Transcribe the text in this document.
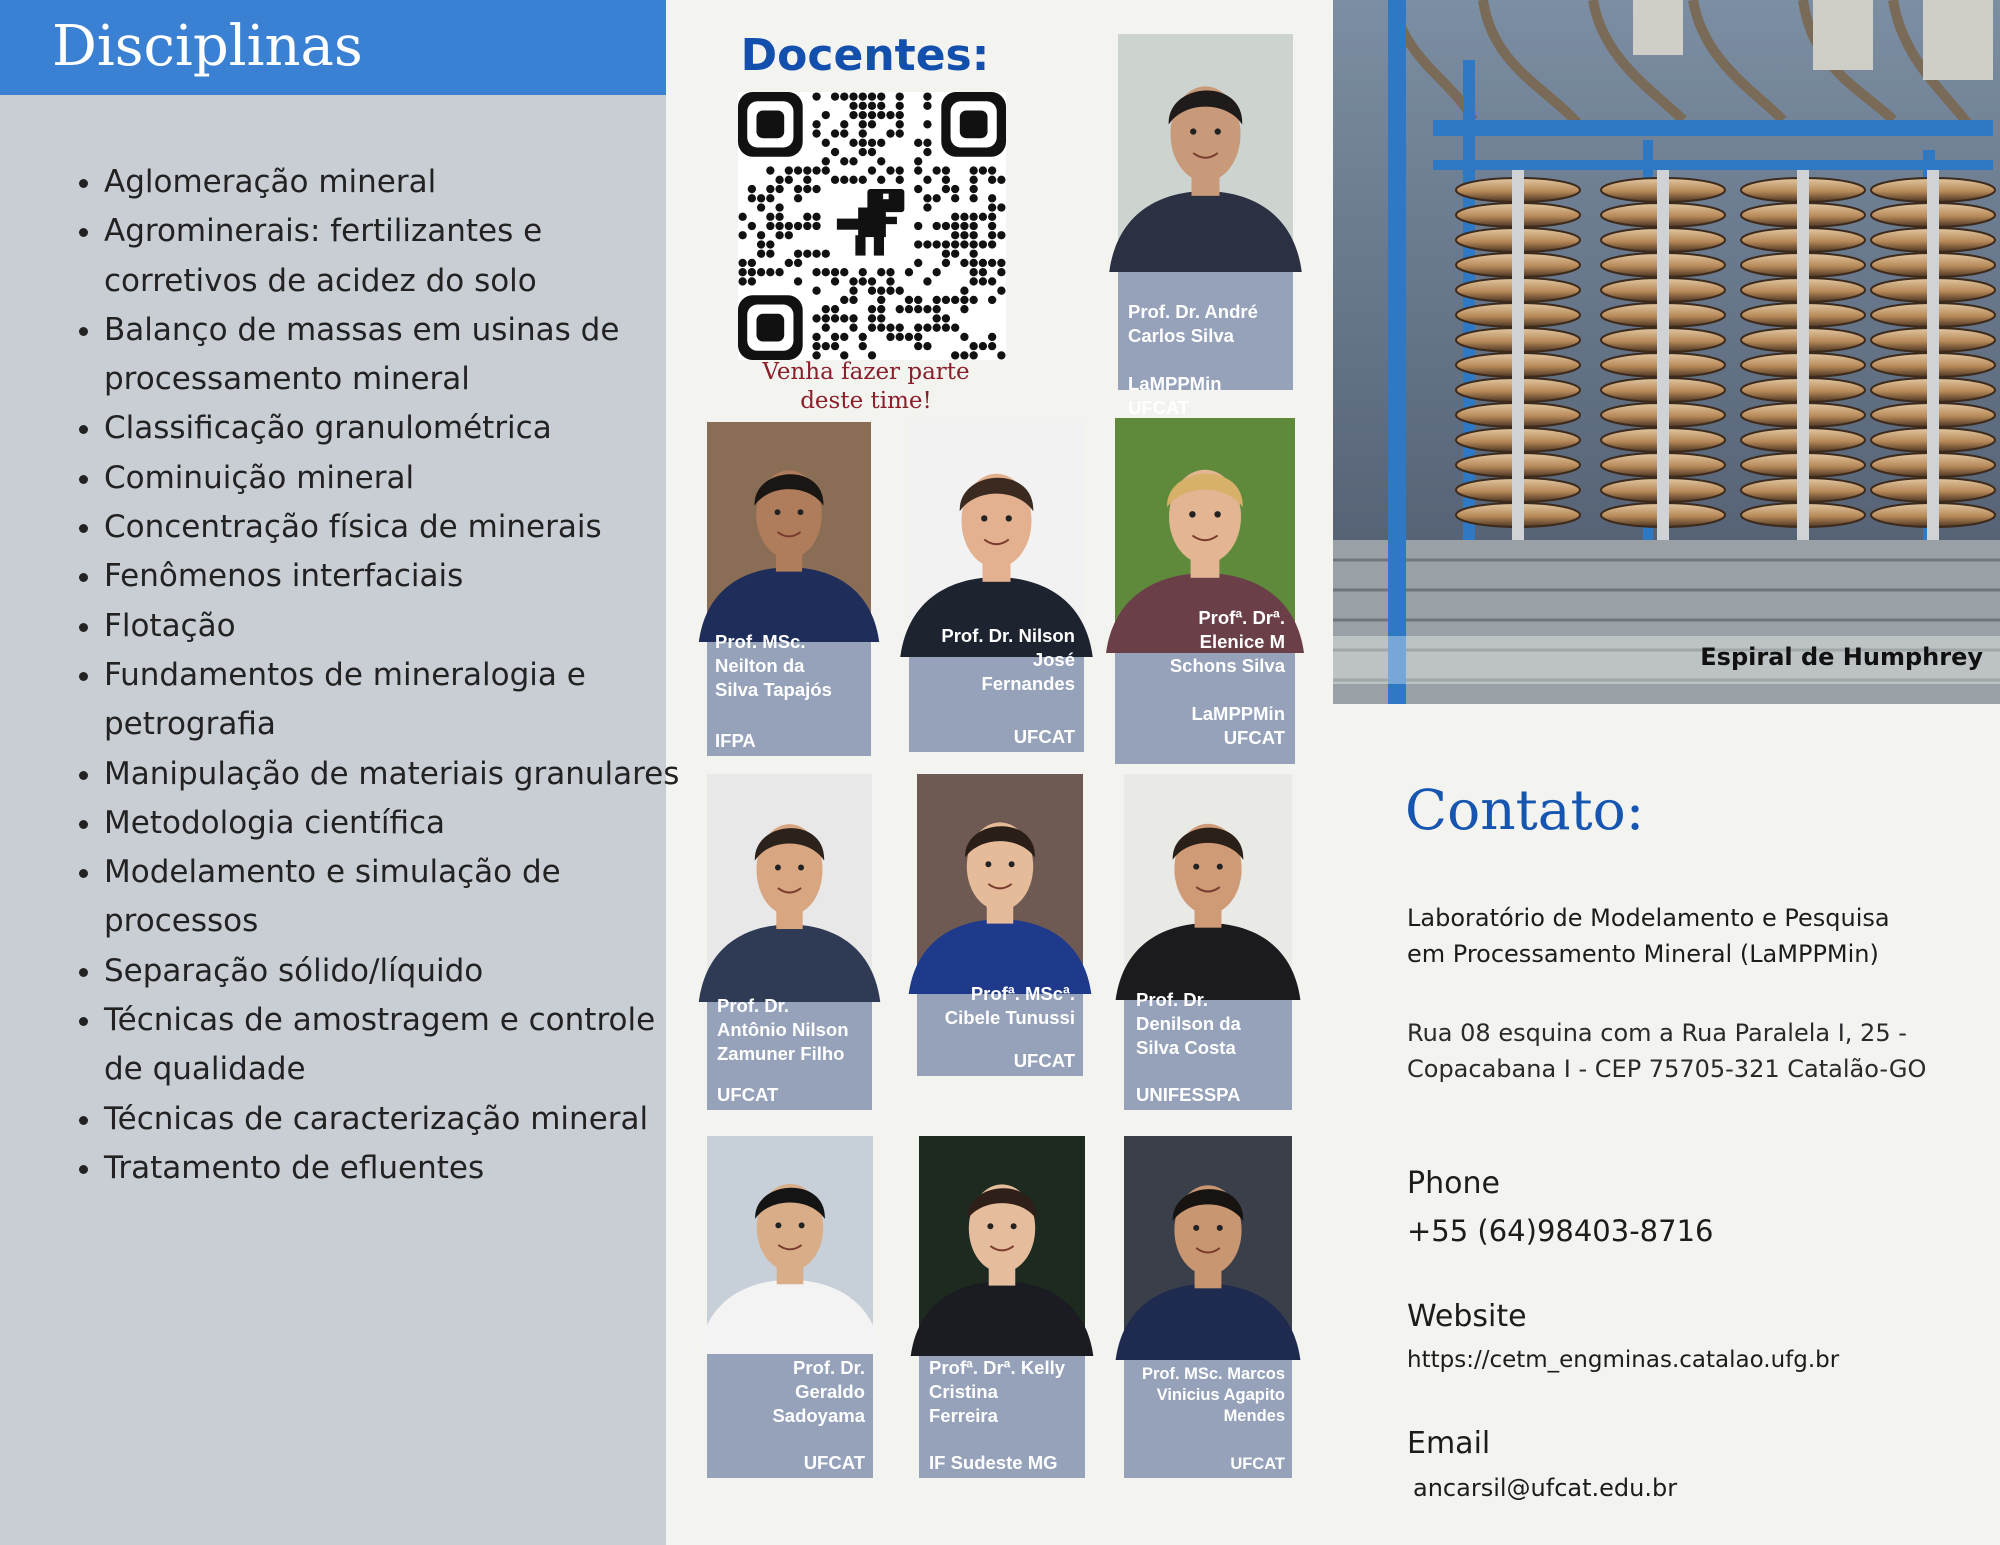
Disciplinas
• Aglomeração mineral
• Agrominerais: fertilizantes e corretivos de acidez do solo
• Balanço de massas em usinas de processamento mineral
• Classificação granulométrica
• Cominuição mineral
• Concentração física de minerais
• Fenômenos interfaciais
• Flotação
• Fundamentos de mineralogia e petrografia
• Manipulação de materiais granulares
• Metodologia científica
• Modelamento e simulação de processos
• Separação sólido/líquido
• Técnicas de amostragem e controle de qualidade
• Técnicas de caracterização mineral
• Tratamento de efluentes
Docentes:
Venha fazer parte
deste time!
Prof. Dr. André
Carlos Silva

LaMPPMin
UFCAT
Prof. MSc.
Neilton da
Silva Tapajós
IFPA
Prof. Dr. Nilson
José
Fernandes
UFCAT
Profª. Drª.
Elenice M
Schons Silva

LaMPPMin
UFCAT
Prof. Dr.
Antônio Nilson
Zamuner Filho
UFCAT
Profª. MScª.
Cibele Tunussi
UFCAT
Prof. Dr.
Denilson da
Silva Costa
UNIFESSPA
Prof. Dr.
Geraldo
Sadoyama
UFCAT
Profª. Drª. Kelly
Cristina
Ferreira
IF Sudeste MG
Prof. MSc. Marcos
Vinicius Agapito
Mendes
UFCAT
Espiral de Humphrey
Contato:
Laboratório de Modelamento e Pesquisa em Processamento Mineral (LaMPPMin)
Rua 08 esquina com a Rua Paralela I, 25 -Copacabana I - CEP 75705-321 Catalão-GO
Phone
+55 (64)98403-8716
Website
https://cetm_engminas.catalao.ufg.br
Email
ancarsil@ufcat.edu.br
